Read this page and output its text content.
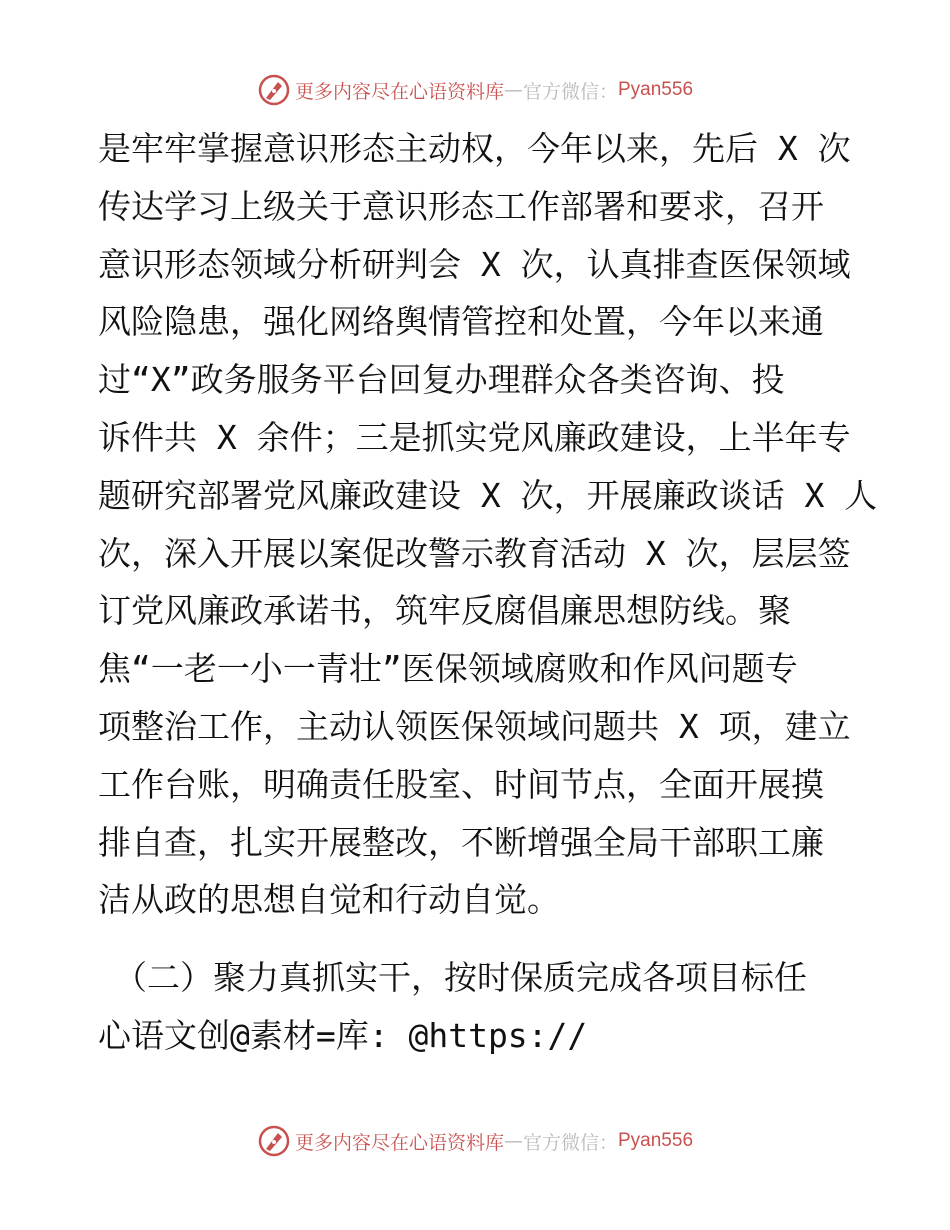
更多内容尽在心语资料库 — 官方微信： Pyan556
是牢牢掌握意识形态主动权，今年以来，先后 X 次
传达学习上级关于意识形态工作部署和要求，召开
意识形态领域分析研判会 X 次，认真排查医保领域
风险隐患，强化网络舆情管控和处置，今年以来通
过“X”政务服务平台回复办理群众各类咨询、投
诉件共 X 余件；三是抓实党风廉政建设，上半年专
题研究部署党风廉政建设 X 次，开展廉政谈话 X 人
次，深入开展以案促改警示教育活动 X 次，层层签
订党风廉政承诺书，筑牢反腐倡廉思想防线。聚
焦“一老一小一青壮”医保领域腐败和作风问题专
项整治工作，主动认领医保领域问题共 X 项，建立
工作台账，明确责任股室、时间节点，全面开展摸
排自查，扎实开展整改，不断增强全局干部职工廉
洁从政的思想自觉和行动自觉。
（二）聚力真抓实干，按时保质完成各项目标任
心语文创@素材=库: @https://
更多内容尽在心语资料库 — 官方微信： Pyan556
